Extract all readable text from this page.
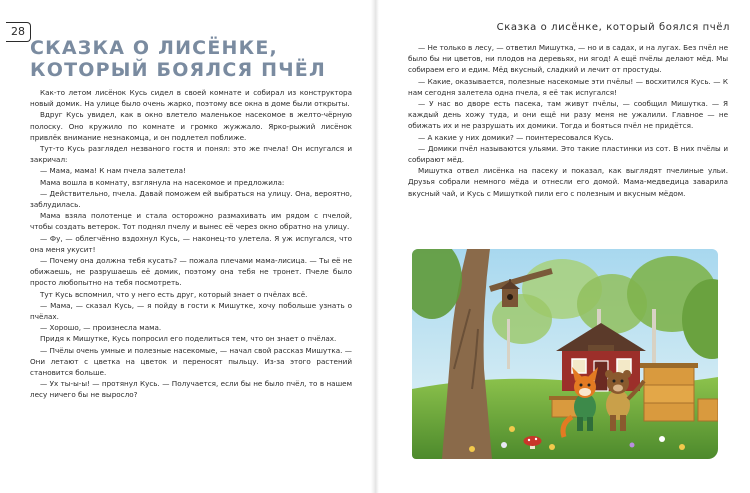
28
СКАЗКА О ЛИСЁНКЕ,
КОТОРЫЙ БОЯЛСЯ ПЧЁЛ

Как-то летом лисёнок Кусь сидел в своей комнате и собирал из конструктора новый домик. На улице было очень жарко, поэтому все окна в доме были открыты.

Вдруг Кусь увидел, как в окно влетело маленькое насекомое в желто-чёрную полоску. Оно кружило по комнате и громко жужжало. Ярко-рыжий лисёнок привлёк внимание незнакомца, и он подлетел поближе.

Тут-то Кусь разглядел незваного гостя и понял: это же пчела! Он испугался и закричал:

— Мама, мама! К нам пчела залетела!

Мама вошла в комнату, взглянула на насекомое и предложила:

— Действительно, пчела. Давай поможем ей выбраться на улицу. Она, вероятно, заблудилась.

Мама взяла полотенце и стала осторожно размахивать им рядом с пчелой, чтобы создать ветерок. Тот поднял пчелу и вынес её через окно обратно на улицу.

— Фу, — облегчённо вздохнул Кусь, — наконец-то улетела. Я уж испугался, что она меня укусит!

— Почему она должна тебя кусать? — пожала плечами мама-лисица. — Ты её не обижаешь, не разрушаешь её домик, поэтому она тебя не тронет. Пчеле было просто любопытно на тебя посмотреть.

Тут Кусь вспомнил, что у него есть друг, который знает о пчёлах всё.

— Мама, — сказал Кусь, — я пойду в гости к Мишутке, хочу побольше узнать о пчёлах.

— Хорошо, — произнесла мама.

Придя к Мишутке, Кусь попросил его поделиться тем, что он знает о пчёлах.

— Пчёлы очень умные и полезные насекомые, — начал свой рассказ Мишутка. — Они летают с цветка на цветок и переносят пыльцу. Из-за этого растений становится больше.

— Ух ты-ы-ы! — протянул Кусь. — Получается, если бы не было пчёл, то в нашем лесу ничего бы не выросло?

Сказка о лисёнке, который боялся пчёл

— Не только в лесу, — ответил Мишутка, — но и в садах, и на лугах. Без пчёл не было бы ни цветов, ни плодов на деревьях, ни ягод! А ещё пчёлы делают мёд. Мы собираем его и едим. Мёд вкусный, сладкий и лечит от простуды.

— Какие, оказывается, полезные насекомые эти пчёлы! — восхитился Кусь. — К нам сегодня залетела одна пчела, я её так испугался!

— У нас во дворе есть пасека, там живут пчёлы, — сообщил Мишутка. — Я каждый день хожу туда, и они ещё ни разу меня не ужалили. Главное — не обижать их и не разрушать их домики. Тогда и бояться пчёл не придётся.

— А какие у них домики? — поинтересовался Кусь.

— Домики пчёл называются ульями. Это такие пластинки из сот. В них пчёлы и собирают мёд.

Мишутка отвел лисёнка на пасеку и показал, как выглядят пчелиные ульи. Друзья собрали немного мёда и отнесли его домой. Мама-медведица заварила вкусный чай, и Кусь с Мишуткой пили его с полезным и вкусным мёдом.
